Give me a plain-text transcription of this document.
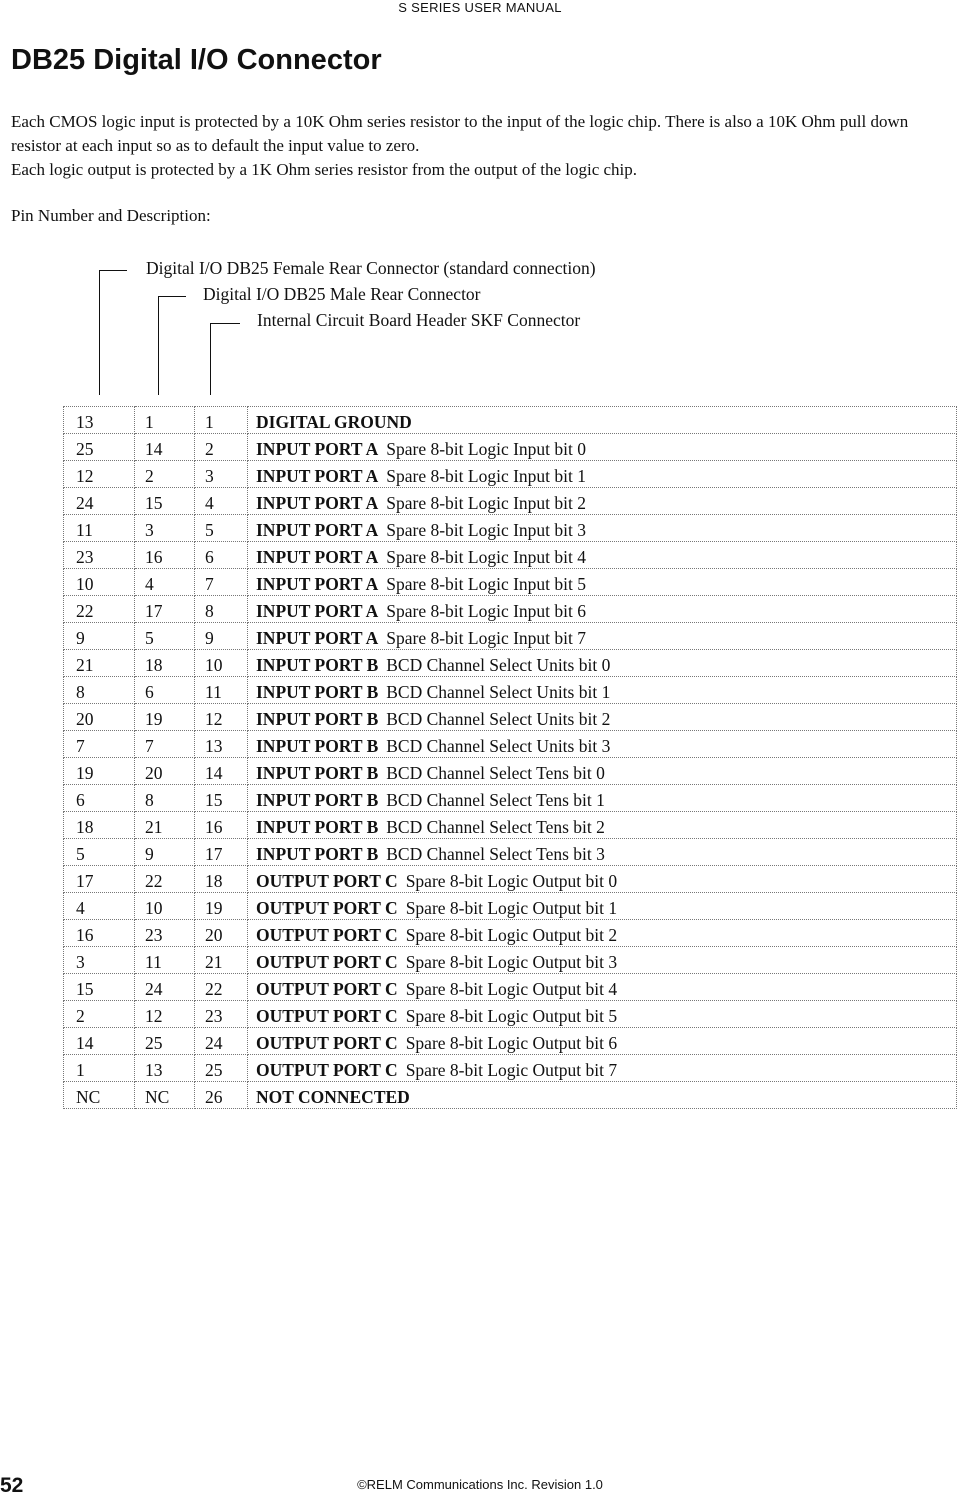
S SERIES USER MANUAL
DB25 Digital I/O Connector

Each CMOS logic input is protected by a 10K Ohm series resistor to the input of the logic chip. There is also a 10K Ohm pull down resistor at each input so as to default the input value to zero.

Each logic output is protected by a 1K Ohm series resistor from the output of the logic chip.

Pin Number and Description:
Digital I/O DB25 Female Rear Connector (standard connection)
Digital I/O DB25 Male Rear Connector
Internal Circuit Board Header SKF Connector
13	1	1	DIGITAL GROUND
25	14	2	INPUT PORT A Spare 8-bit Logic Input bit 0
12	2	3	INPUT PORT A Spare 8-bit Logic Input bit 1
24	15	4	INPUT PORT A Spare 8-bit Logic Input bit 2
11	3	5	INPUT PORT A Spare 8-bit Logic Input bit 3
23	16	6	INPUT PORT A Spare 8-bit Logic Input bit 4
10	4	7	INPUT PORT A Spare 8-bit Logic Input bit 5
22	17	8	INPUT PORT A Spare 8-bit Logic Input bit 6
9	5	9	INPUT PORT A Spare 8-bit Logic Input bit 7
21	18	10	INPUT PORT B BCD Channel Select Units bit 0
8	6	11	INPUT PORT B BCD Channel Select Units bit 1
20	19	12	INPUT PORT B BCD Channel Select Units bit 2
7	7	13	INPUT PORT B BCD Channel Select Units bit 3
19	20	14	INPUT PORT B BCD Channel Select Tens bit 0
6	8	15	INPUT PORT B BCD Channel Select Tens bit 1
18	21	16	INPUT PORT B BCD Channel Select Tens bit 2
5	9	17	INPUT PORT B BCD Channel Select Tens bit 3
17	22	18	OUTPUT PORT C Spare 8-bit Logic Output bit 0
4	10	19	OUTPUT PORT C Spare 8-bit Logic Output bit 1
16	23	20	OUTPUT PORT C Spare 8-bit Logic Output bit 2
3	11	21	OUTPUT PORT C Spare 8-bit Logic Output bit 3
15	24	22	OUTPUT PORT C Spare 8-bit Logic Output bit 4
2	12	23	OUTPUT PORT C Spare 8-bit Logic Output bit 5
14	25	24	OUTPUT PORT C Spare 8-bit Logic Output bit 6
1	13	25	OUTPUT PORT C Spare 8-bit Logic Output bit 7
NC	NC	26	NOT CONNECTED
52	©RELM Communications Inc. Revision 1.0
